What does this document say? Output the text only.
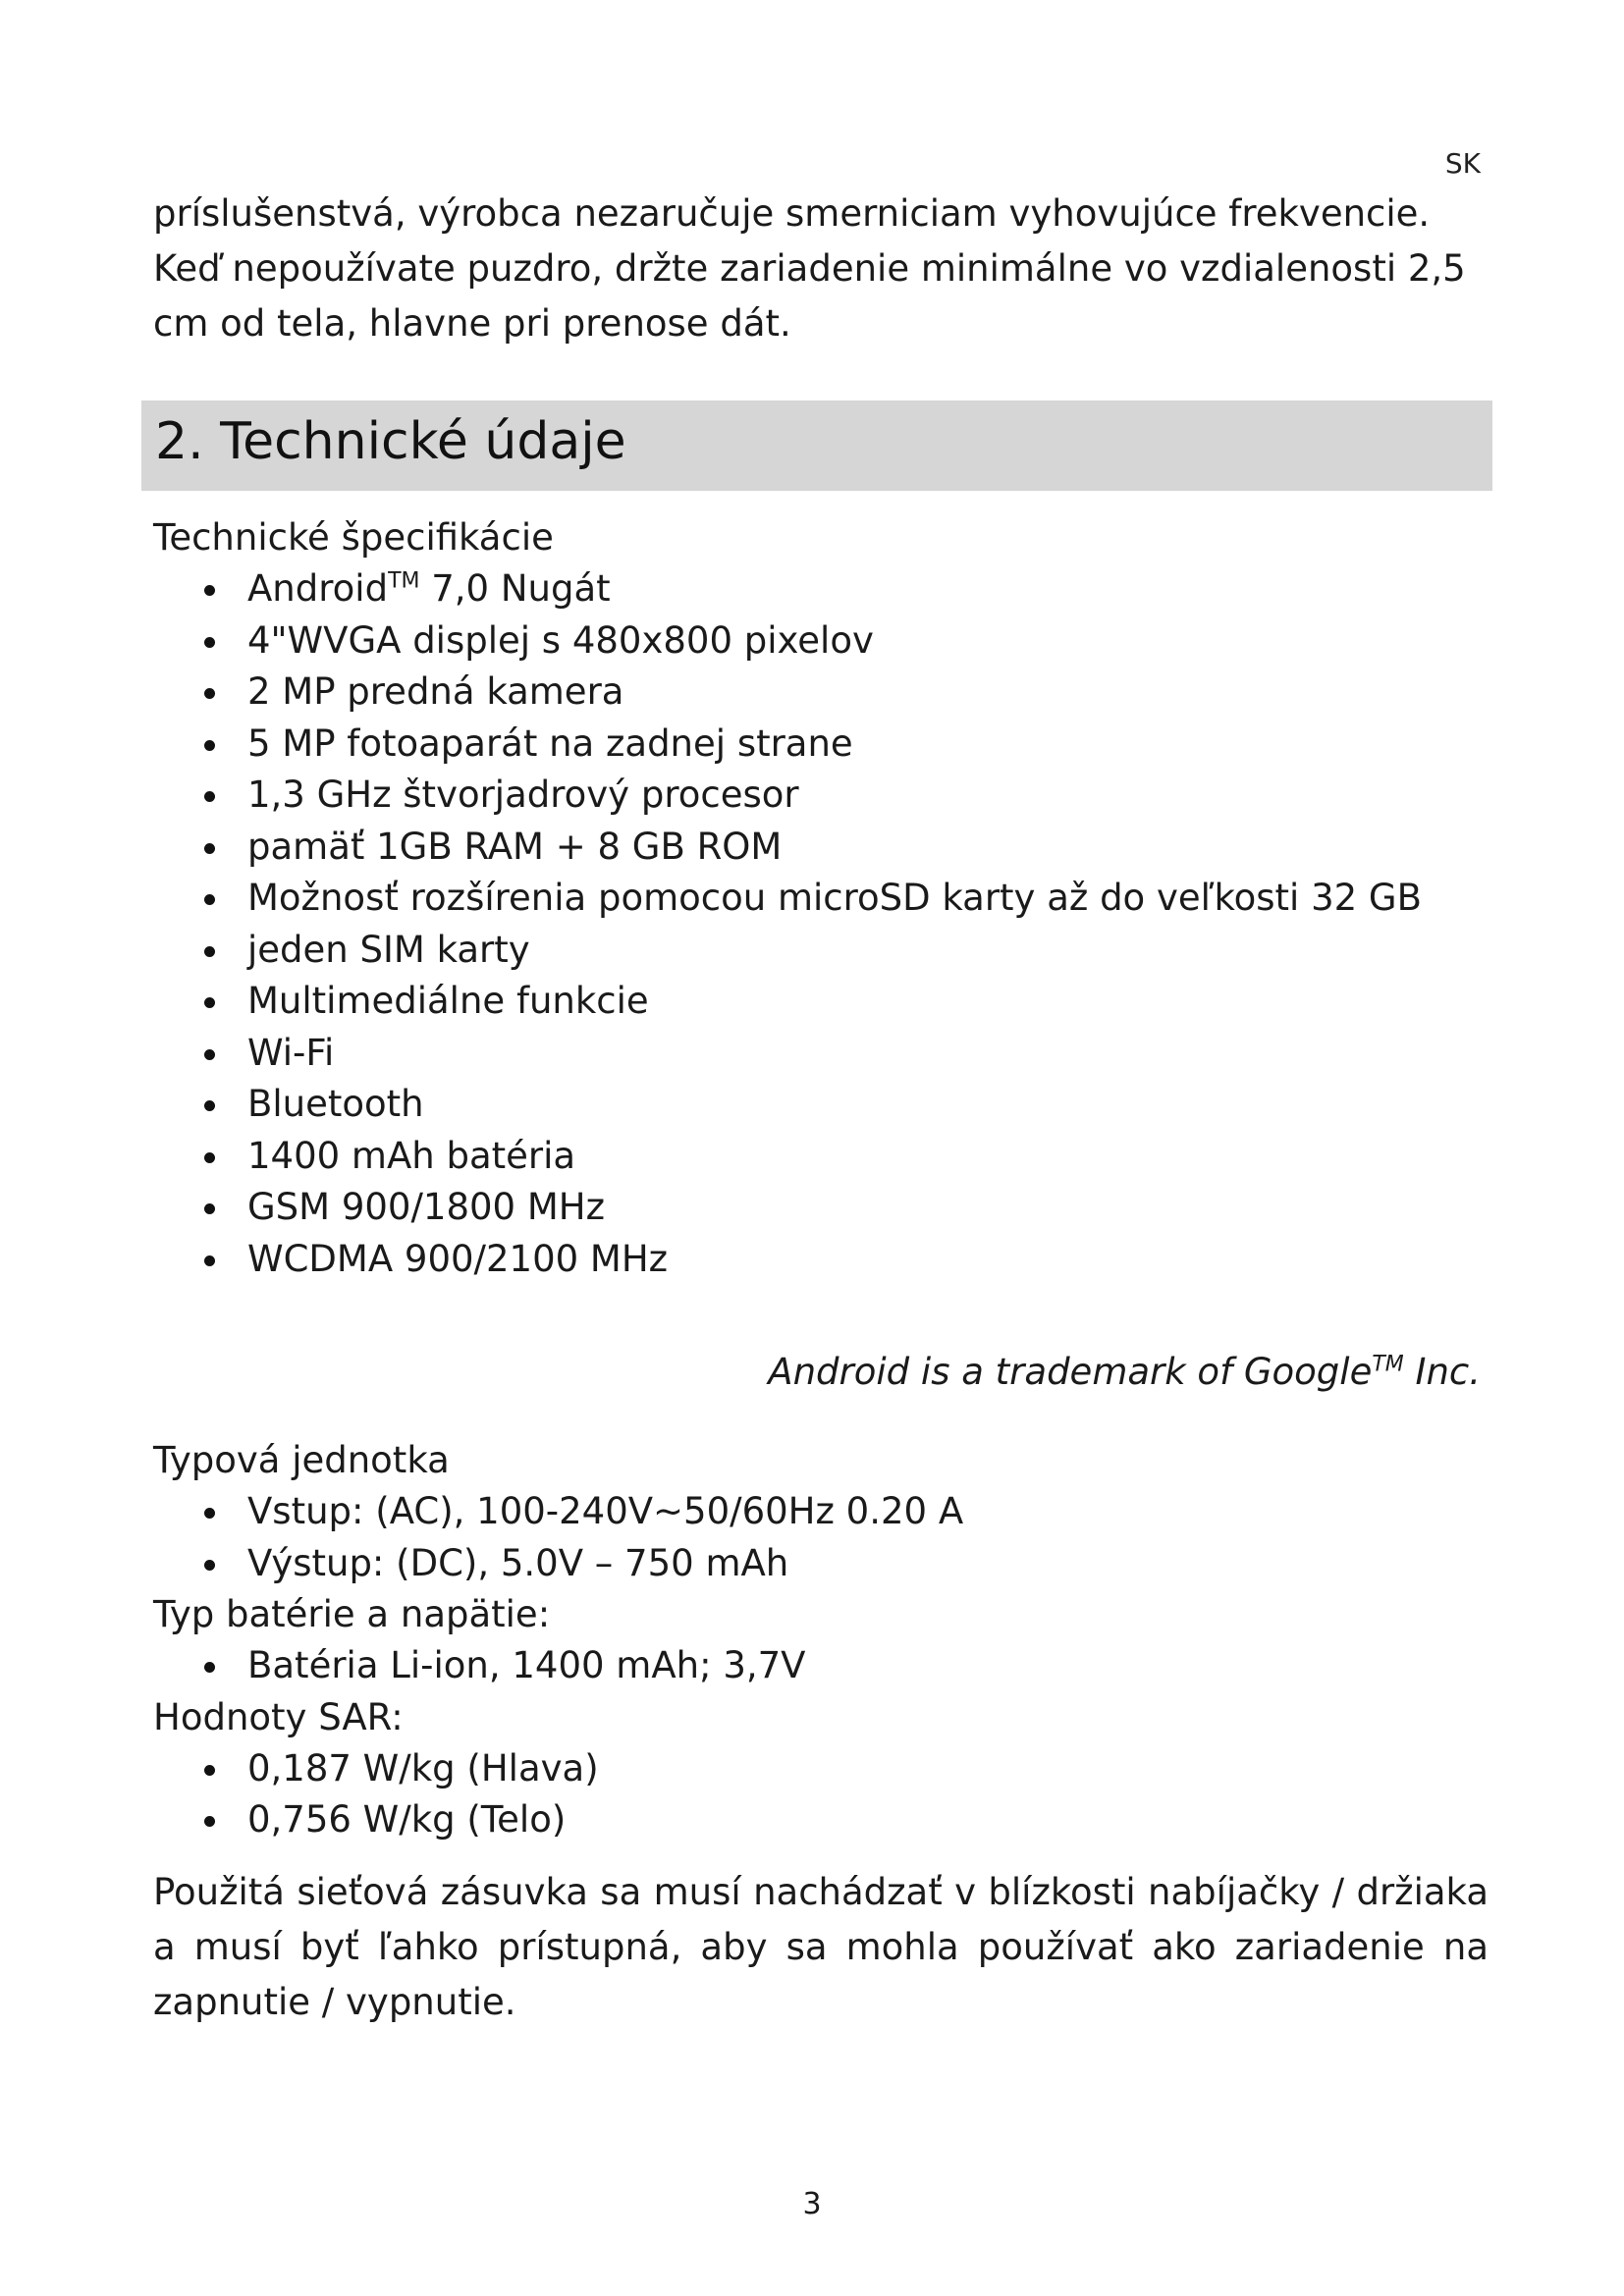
SK

príslušenstvá, výrobca nezaručuje smerniciam vyhovujúce frekvencie. Keď nepoužívate puzdro, držte zariadenie minimálne vo vzdialenosti 2,5 cm od tela, hlavne pri prenose dát.

2. Technické údaje

Technické špecifikácie

Android™ 7,0 Nugát
4"WVGA displej s 480x800 pixelov
2 MP predná kamera
5 MP fotoaparát na zadnej strane
1,3 GHz štvorjadrový procesor
pamäť 1GB RAM + 8 GB ROM
Možnosť rozšírenia pomocou microSD karty až do veľkosti 32 GB
jeden SIM karty
Multimediálne funkcie
Wi-Fi
Bluetooth
1400 mAh batéria
GSM 900/1800 MHz
WCDMA 900/2100 MHz
Android is a trademark of Google™ Inc.

Typová jednotka

Vstup: (AC), 100-240V~50/60Hz 0.20 A
Výstup: (DC), 5.0V – 750 mAh

Typ batérie a napätie:

Batéria Li-ion, 1400 mAh; 3,7V

Hodnoty SAR:

0,187 W/kg (Hlava)
0,756 W/kg (Telo)

Použitá sieťová zásuvka sa musí nachádzať v blízkosti nabíjačky / držiaka a musí byť ľahko prístupná, aby sa mohla používať ako zariadenie na zapnutie / vypnutie.

3
